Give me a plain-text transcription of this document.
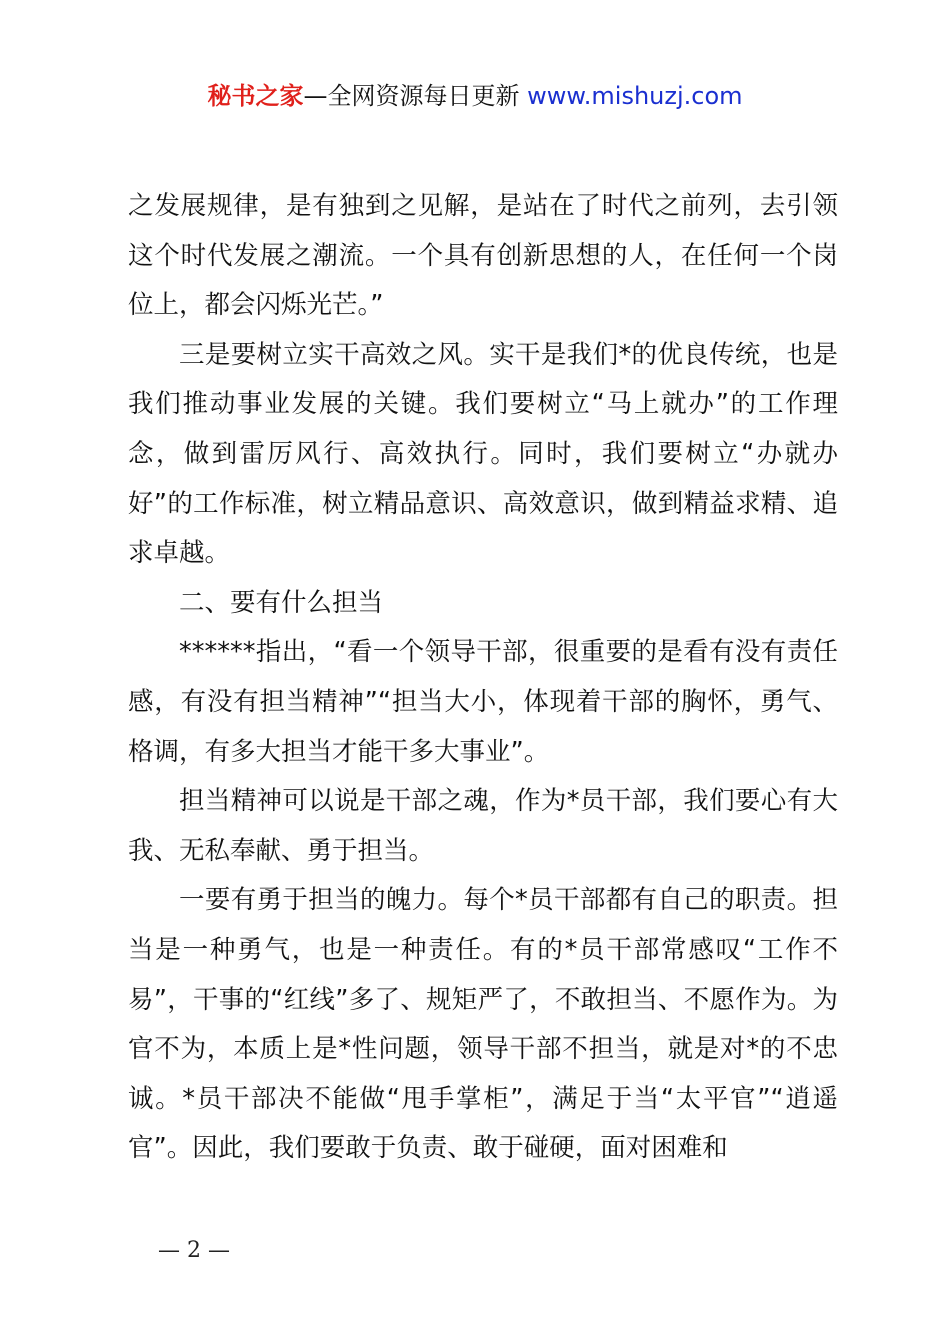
秘书之家—全网资源每日更新 www.mishuzj.com

之发展规律，是有独到之见解，是站在了时代之前列，去引领这个时代发展之潮流。一个具有创新思想的人，在任何一个岗位上，都会闪烁光芒。”

三是要树立实干高效之风。实干是我们*的优良传统，也是我们推动事业发展的关键。我们要树立“马上就办”的工作理念，做到雷厉风行、高效执行。同时，我们要树立“办就办好”的工作标准，树立精品意识、高效意识，做到精益求精、追求卓越。

二、要有什么担当

******指出，“看一个领导干部，很重要的是看有没有责任感，有没有担当精神”“担当大小，体现着干部的胸怀，勇气、格调，有多大担当才能干多大事业”。

担当精神可以说是干部之魂，作为*员干部，我们要心有大我、无私奉献、勇于担当。

一要有勇于担当的魄力。每个*员干部都有自己的职责。担当是一种勇气，也是一种责任。有的*员干部常感叹“工作不易”，干事的“红线”多了、规矩严了，不敢担当、不愿作为。为官不为，本质上是*性问题，领导干部不担当，就是对*的不忠诚。*员干部决不能做“甩手掌柜”，满足于当“太平官”“逍遥官”。因此，我们要敢于负责、敢于碰硬，面对困难和

— 2 —
